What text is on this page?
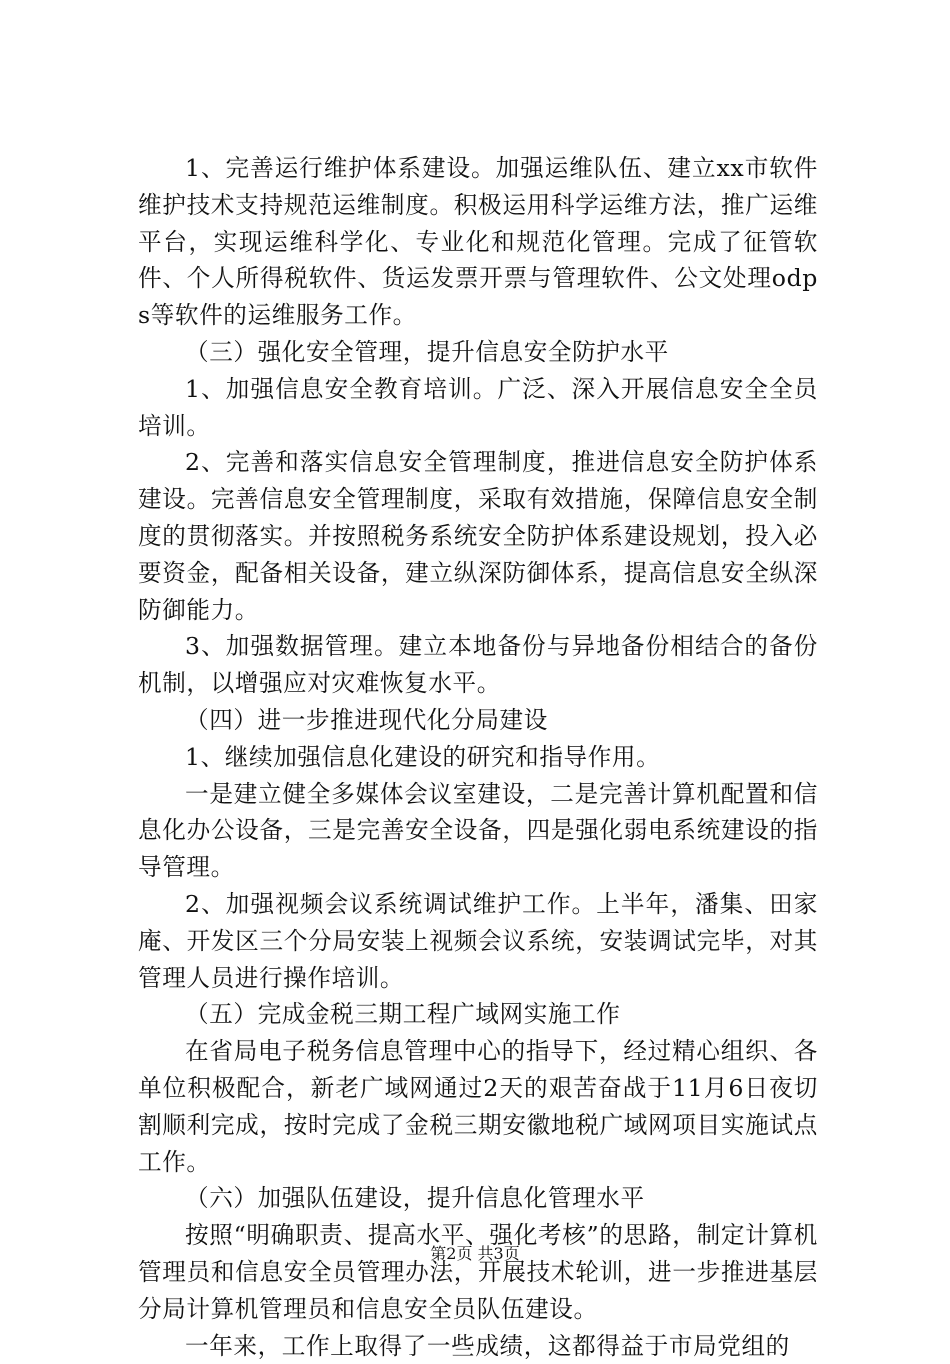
1、完善运行维护体系建设。加强运维队伍、建立xx市软件维护技术支持规范运维制度。积极运用科学运维方法，推广运维平台，实现运维科学化、专业化和规范化管理。完成了征管软件、个人所得税软件、货运发票开票与管理软件、公文处理odps等软件的运维服务工作。

（三）强化安全管理，提升信息安全防护水平

1、加强信息安全教育培训。广泛、深入开展信息安全全员培训。

2、完善和落实信息安全管理制度，推进信息安全防护体系建设。完善信息安全管理制度，采取有效措施，保障信息安全制度的贯彻落实。并按照税务系统安全防护体系建设规划，投入必要资金，配备相关设备，建立纵深防御体系，提高信息安全纵深防御能力。

3、加强数据管理。建立本地备份与异地备份相结合的备份机制，以增强应对灾难恢复水平。

（四）进一步推进现代化分局建设

1、继续加强信息化建设的研究和指导作用。

一是建立健全多媒体会议室建设，二是完善计算机配置和信息化办公设备，三是完善安全设备，四是强化弱电系统建设的指导管理。

2、加强视频会议系统调试维护工作。上半年，潘集、田家庵、开发区三个分局安装上视频会议系统，安装调试完毕，对其管理人员进行操作培训。

（五）完成金税三期工程广域网实施工作

在省局电子税务信息管理中心的指导下，经过精心组织、各单位积极配合，新老广域网通过2天的艰苦奋战于11月6日夜切割顺利完成，按时完成了金税三期安徽地税广域网项目实施试点工作。

（六）加强队伍建设，提升信息化管理水平

按照“明确职责、提高水平、强化考核”的思路，制定计算机管理员和信息安全员管理办法，开展技术轮训，进一步推进基层分局计算机管理员和信息安全员队伍建设。

一年来，工作上取得了一些成绩，这都得益于市局党组的

第2页 共3页
